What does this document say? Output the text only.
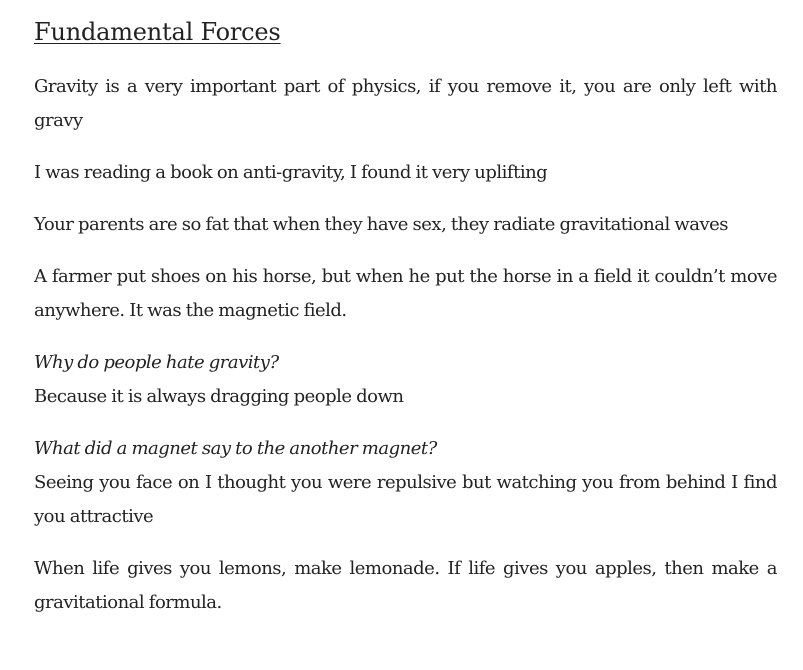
Fundamental Forces

Gravity is a very important part of physics, if you remove it, you are only left with gravy

I was reading a book on anti-gravity, I found it very uplifting

Your parents are so fat that when they have sex, they radiate gravitational waves

A farmer put shoes on his horse, but when he put the horse in a field it couldn’t move anywhere. It was the magnetic field.

Why do people hate gravity?
Because it is always dragging people down

What did a magnet say to the another magnet?
Seeing you face on I thought you were repulsive but watching you from behind I find you attractive

When life gives you lemons, make lemonade. If life gives you apples, then make a gravitational formula.
